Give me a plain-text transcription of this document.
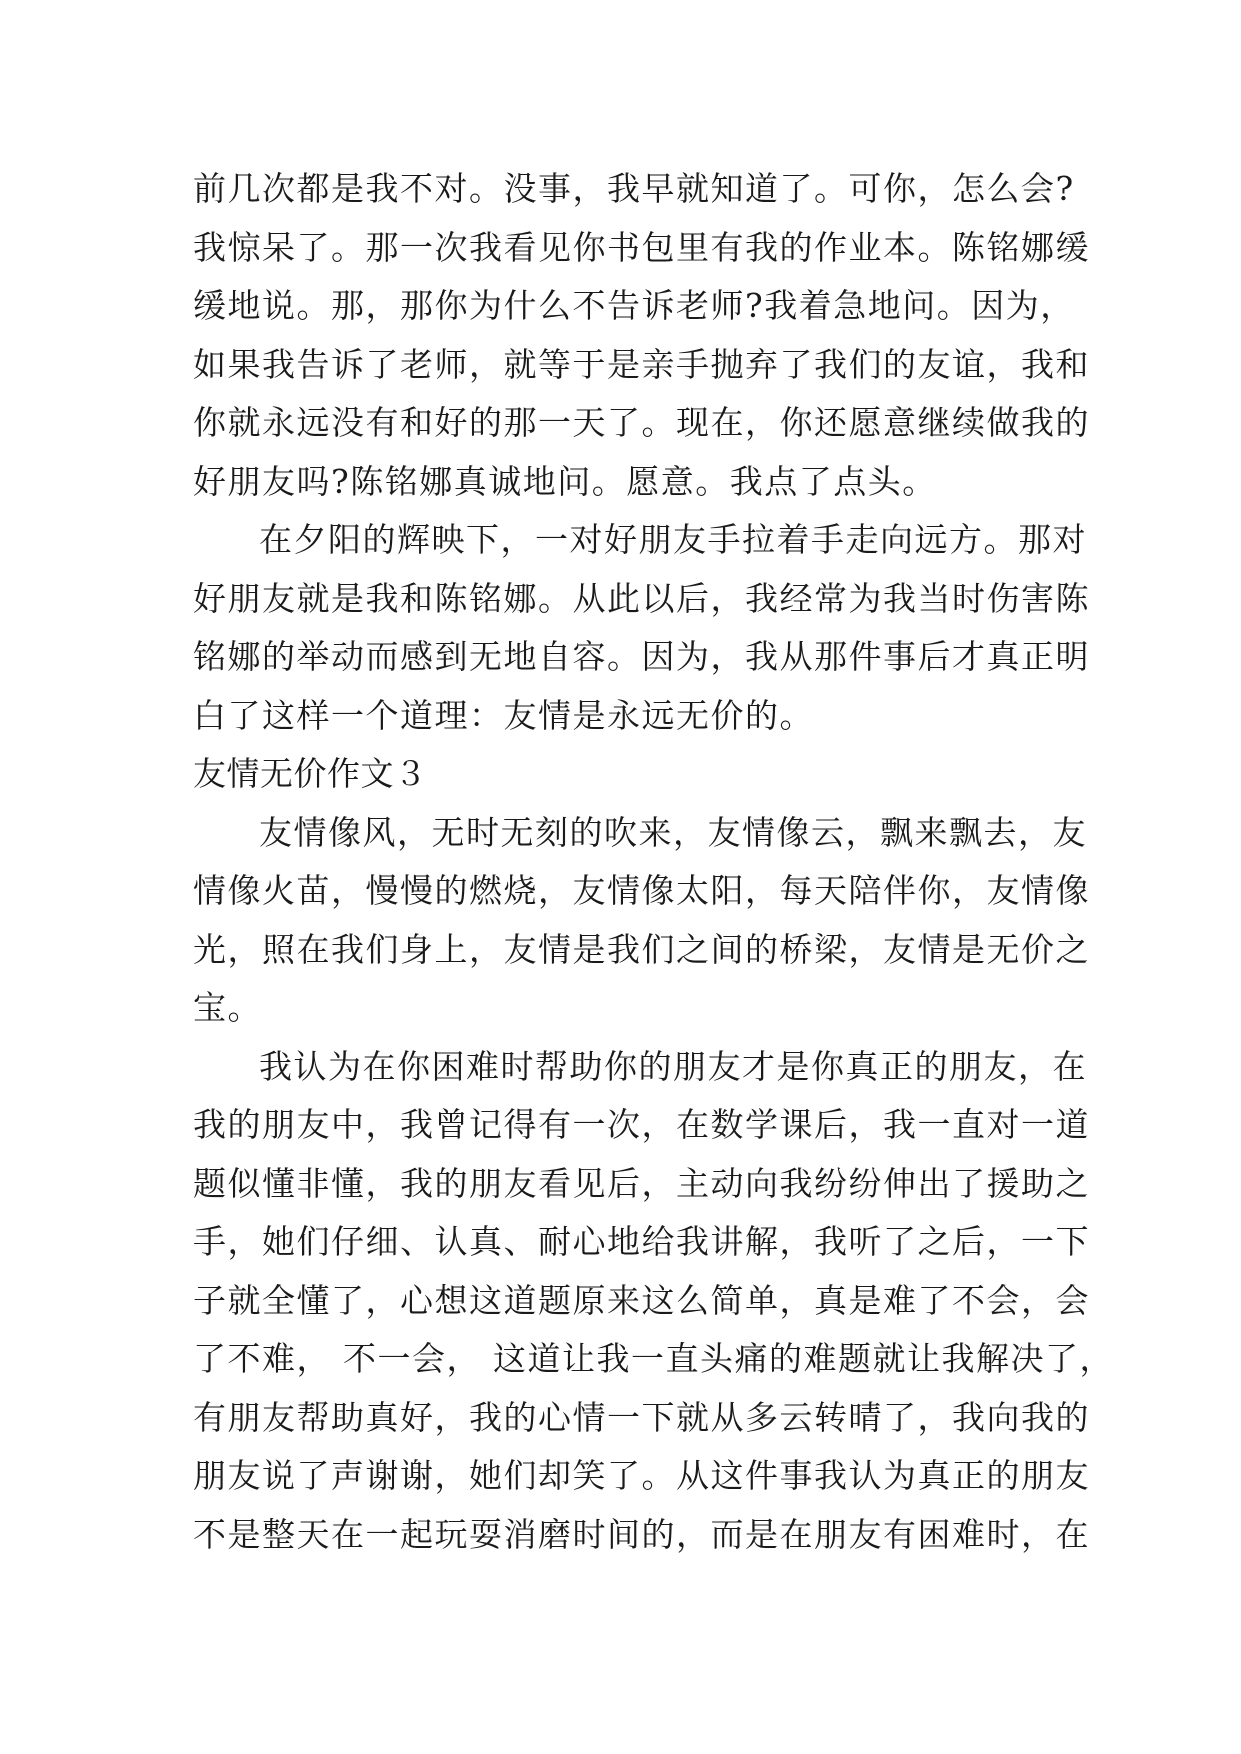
前几次都是我不对。没事，我早就知道了。可你，怎么会?
我惊呆了。那一次我看见你书包里有我的作业本。陈铭娜缓
缓地说。那，那你为什么不告诉老师?我着急地问。因为，
如果我告诉了老师，就等于是亲手抛弃了我们的友谊，我和
你就永远没有和好的那一天了。现在，你还愿意继续做我的
好朋友吗?陈铭娜真诚地问。愿意。我点了点头。
在夕阳的辉映下，一对好朋友手拉着手走向远方。那对
好朋友就是我和陈铭娜。从此以后，我经常为我当时伤害陈
铭娜的举动而感到无地自容。因为，我从那件事后才真正明
白了这样一个道理：友情是永远无价的。
友情无价作文３
友情像风，无时无刻的吹来，友情像云，飘来飘去，友
情像火苗，慢慢的燃烧，友情像太阳，每天陪伴你，友情像
光，照在我们身上，友情是我们之间的桥梁，友情是无价之
宝。
我认为在你困难时帮助你的朋友才是你真正的朋友，在
我的朋友中，我曾记得有一次，在数学课后，我一直对一道
题似懂非懂，我的朋友看见后，主动向我纷纷伸出了援助之
手，她们仔细、认真、耐心地给我讲解，我听了之后，一下
子就全懂了，心想这道题原来这么简单，真是难了不会，会
了不难， 不一会， 这道让我一直头痛的难题就让我解决了，
有朋友帮助真好，我的心情一下就从多云转晴了，我向我的
朋友说了声谢谢，她们却笑了。从这件事我认为真正的朋友
不是整天在一起玩耍消磨时间的，而是在朋友有困难时，在
